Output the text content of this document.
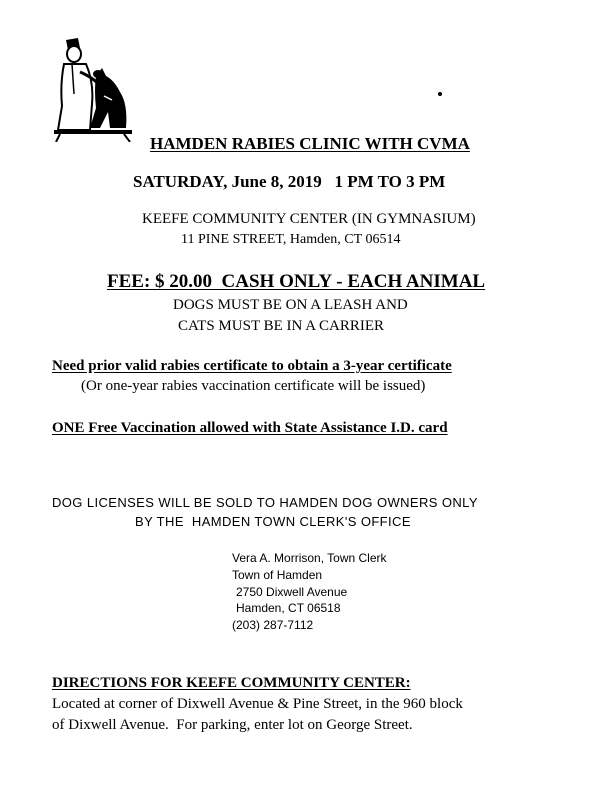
HAMDEN RABIES CLINIC WITH CVMA
SATURDAY, June 8, 2019   1 PM TO 3 PM
KEEFE COMMUNITY CENTER (IN GYMNASIUM)
11 PINE STREET, Hamden, CT 06514
FEE: $ 20.00  CASH ONLY - EACH ANIMAL
DOGS MUST BE ON A LEASH AND
CATS MUST BE IN A CARRIER
Need prior valid rabies certificate to obtain a 3-year certificate
(Or one-year rabies vaccination certificate will be issued)
ONE Free Vaccination allowed with State Assistance I.D. card
DOG LICENSES WILL BE SOLD TO HAMDEN DOG OWNERS ONLY
BY THE  HAMDEN TOWN CLERK'S OFFICE
Vera A. Morrison, Town Clerk
Town of Hamden
2750 Dixwell Avenue
Hamden, CT 06518
(203) 287-7112
DIRECTIONS FOR KEEFE COMMUNITY CENTER:
Located at corner of Dixwell Avenue & Pine Street, in the 960 block
of Dixwell Avenue.  For parking, enter lot on George Street.
